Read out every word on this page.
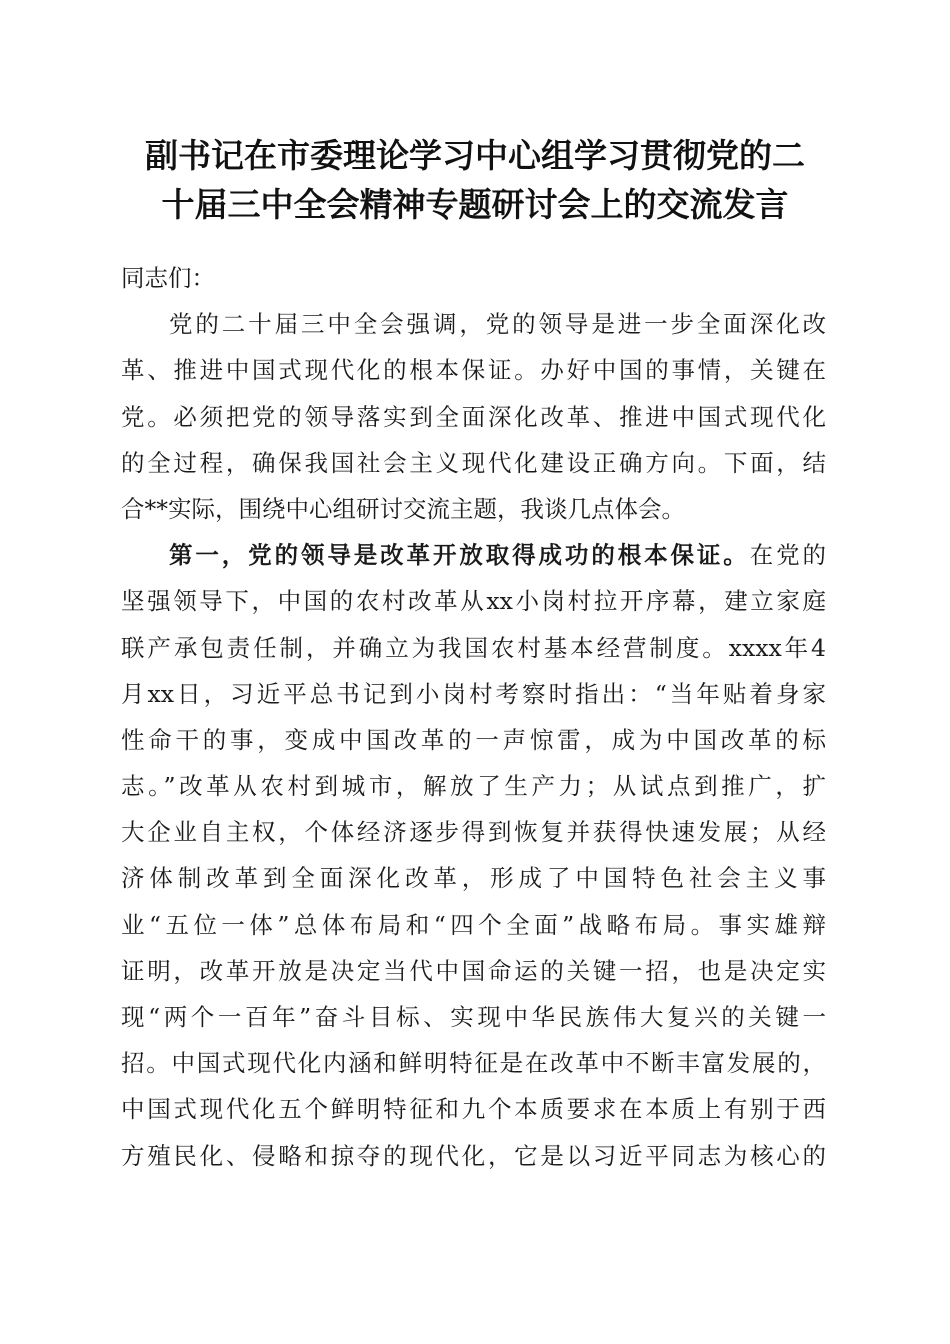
副书记在市委理论学习中心组学习贯彻党的二
十届三中全会精神专题研讨会上的交流发言
同志们：
党的二十届三中全会强调，党的领导是进一步全面深化改
革、推进中国式现代化的根本保证。办好中国的事情，关键在
党。必须把党的领导落实到全面深化改革、推进中国式现代化
的全过程，确保我国社会主义现代化建设正确方向。下面，结
合**实际，围绕中心组研讨交流主题，我谈几点体会。
第一，党的领导是改革开放取得成功的根本保证。在党的
坚强领导下，中国的农村改革从xx小岗村拉开序幕，建立家庭
联产承包责任制，并确立为我国农村基本经营制度。xxxx年4
月xx日，习近平总书记到小岗村考察时指出：“当年贴着身家
性命干的事，变成中国改革的一声惊雷，成为中国改革的标
志。”改革从农村到城市，解放了生产力；从试点到推广，扩
大企业自主权，个体经济逐步得到恢复并获得快速发展；从经
济体制改革到全面深化改革，形成了中国特色社会主义事
业“五位一体”总体布局和“四个全面”战略布局。事实雄辩
证明，改革开放是决定当代中国命运的关键一招，也是决定实
现“两个一百年”奋斗目标、实现中华民族伟大复兴的关键一
招。中国式现代化内涵和鲜明特征是在改革中不断丰富发展的，
中国式现代化五个鲜明特征和九个本质要求在本质上有别于西
方殖民化、侵略和掠夺的现代化，它是以习近平同志为核心的
